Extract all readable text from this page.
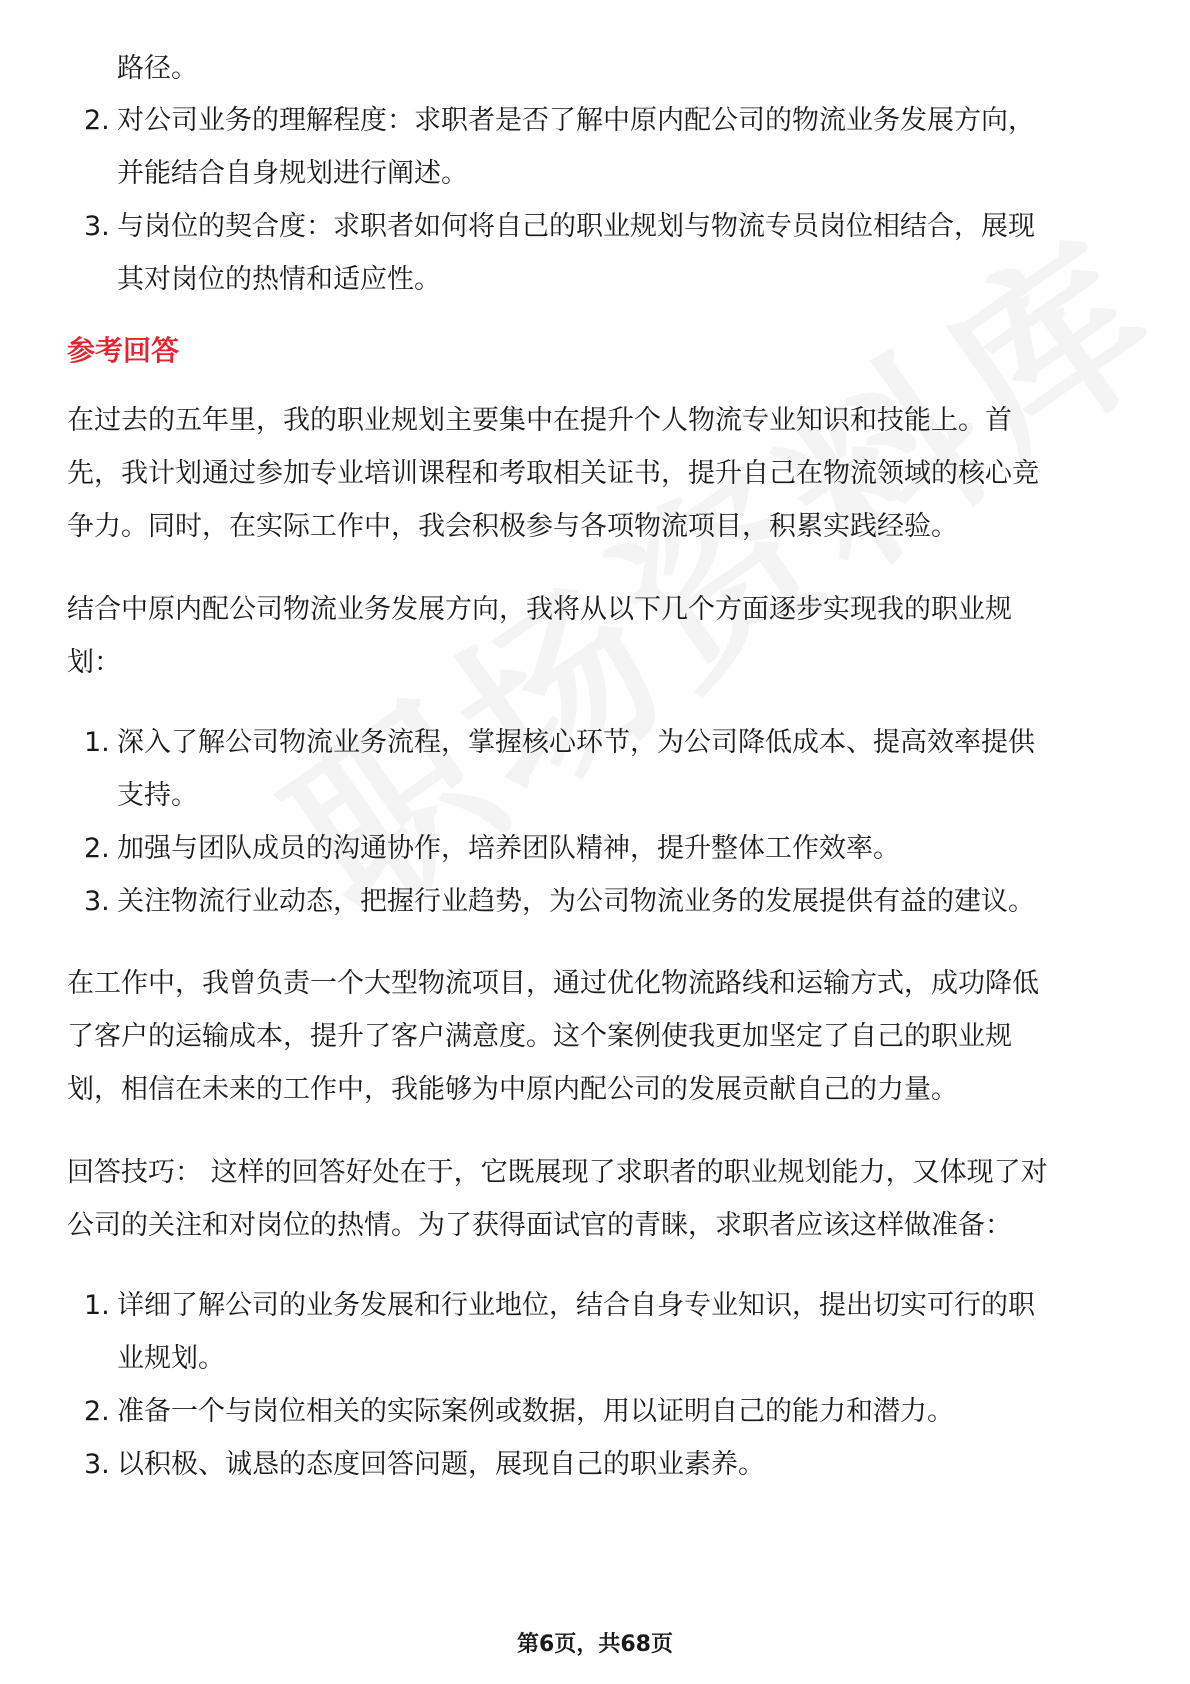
路径。
2. 对公司业务的理解程度：求职者是否了解中原内配公司的物流业务发展方向，
并能结合自身规划进行阐述。
3. 与岗位的契合度：求职者如何将自己的职业规划与物流专员岗位相结合，展现
其对岗位的热情和适应性。
参考回答
在过去的五年里，我的职业规划主要集中在提升个人物流专业知识和技能上。首
先，我计划通过参加专业培训课程和考取相关证书，提升自己在物流领域的核心竞
争力。同时，在实际工作中，我会积极参与各项物流项目，积累实践经验。
结合中原内配公司物流业务发展方向，我将从以下几个方面逐步实现我的职业规
划：
1. 深入了解公司物流业务流程，掌握核心环节，为公司降低成本、提高效率提供
支持。
2. 加强与团队成员的沟通协作，培养团队精神，提升整体工作效率。
3. 关注物流行业动态，把握行业趋势，为公司物流业务的发展提供有益的建议。
在工作中，我曾负责一个大型物流项目，通过优化物流路线和运输方式，成功降低
了客户的运输成本，提升了客户满意度。这个案例使我更加坚定了自己的职业规
划，相信在未来的工作中，我能够为中原内配公司的发展贡献自己的力量。
回答技巧： 这样的回答好处在于，它既展现了求职者的职业规划能力，又体现了对
公司的关注和对岗位的热情。为了获得面试官的青睐，求职者应该这样做准备：
1. 详细了解公司的业务发展和行业地位，结合自身专业知识，提出切实可行的职
业规划。
2. 准备一个与岗位相关的实际案例或数据，用以证明自己的能力和潜力。
3. 以积极、诚恳的态度回答问题，展现自己的职业素养。
第6页，共68页
